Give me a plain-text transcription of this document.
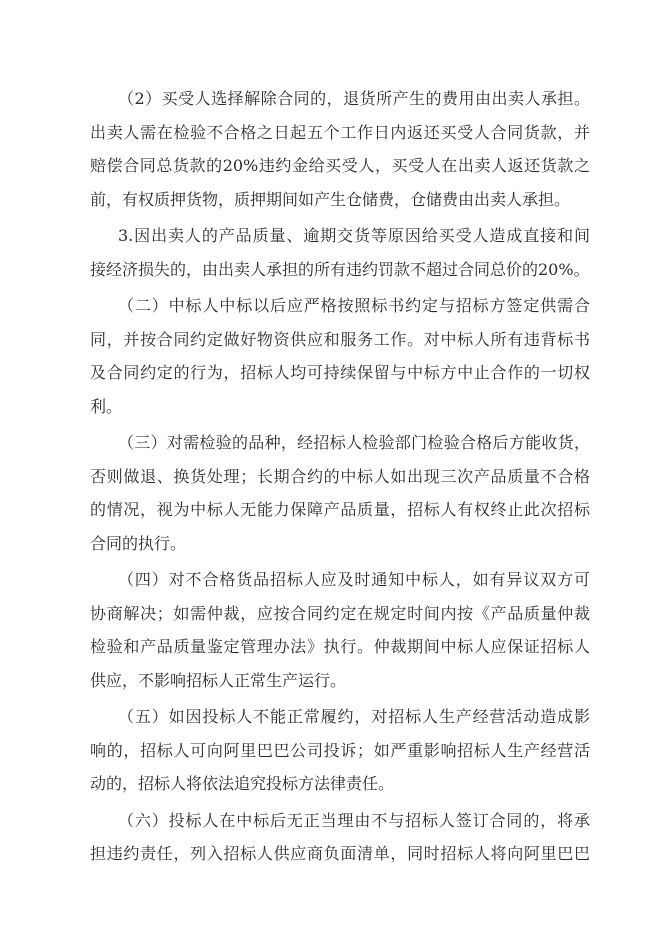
（2）买受人选择解除合同的，退货所产生的费用由出卖人承担。
出卖人需在检验不合格之日起五个工作日内返还买受人合同货款，并
赔偿合同总货款的20%违约金给买受人，买受人在出卖人返还货款之
前，有权质押货物，质押期间如产生仓储费，仓储费由出卖人承担。
3.因出卖人的产品质量、逾期交货等原因给买受人造成直接和间
接经济损失的，由出卖人承担的所有违约罚款不超过合同总价的20%。
（二）中标人中标以后应严格按照标书约定与招标方签定供需合
同，并按合同约定做好物资供应和服务工作。对中标人所有违背标书
及合同约定的行为，招标人均可持续保留与中标方中止合作的一切权
利。
（三）对需检验的品种，经招标人检验部门检验合格后方能收货，
否则做退、换货处理；长期合约的中标人如出现三次产品质量不合格
的情况，视为中标人无能力保障产品质量，招标人有权终止此次招标
合同的执行。
（四）对不合格货品招标人应及时通知中标人，如有异议双方可
协商解决；如需仲裁，应按合同约定在规定时间内按《产品质量仲裁
检验和产品质量鉴定管理办法》执行。仲裁期间中标人应保证招标人
供应，不影响招标人正常生产运行。
（五）如因投标人不能正常履约，对招标人生产经营活动造成影
响的，招标人可向阿里巴巴公司投诉；如严重影响招标人生产经营活
动的，招标人将依法追究投标方法律责任。
（六）投标人在中标后无正当理由不与招标人签订合同的，将承
担违约责任，列入招标人供应商负面清单，同时招标人将向阿里巴巴
